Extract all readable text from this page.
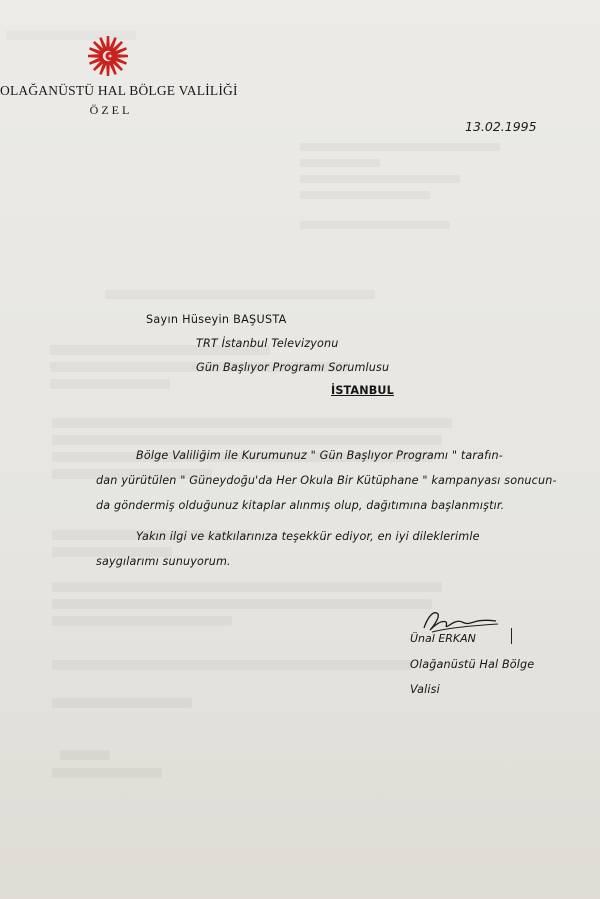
OLAĞANÜSTÜ HAL BÖLGE VALİLİĞİ
ÖZEL
13.02.1995
Sayın Hüseyin BAŞUSTA
TRT İstanbul Televizyonu
Gün Başlıyor Programı Sorumlusu
İSTANBUL
Bölge Valiliğim ile Kurumunuz " Gün Başlıyor Programı " tarafın-
dan yürütülen " Güneydoğu'da Her Okula Bir Kütüphane " kampanyası sonucun-
da göndermiş olduğunuz kitaplar alınmış olup, dağıtımına başlanmıştır.
Yakın ilgi ve katkılarınıza teşekkür ediyor, en iyi dileklerimle
saygılarımı sunuyorum.
Ünal ERKAN
Olağanüstü Hal Bölge
Valisi
